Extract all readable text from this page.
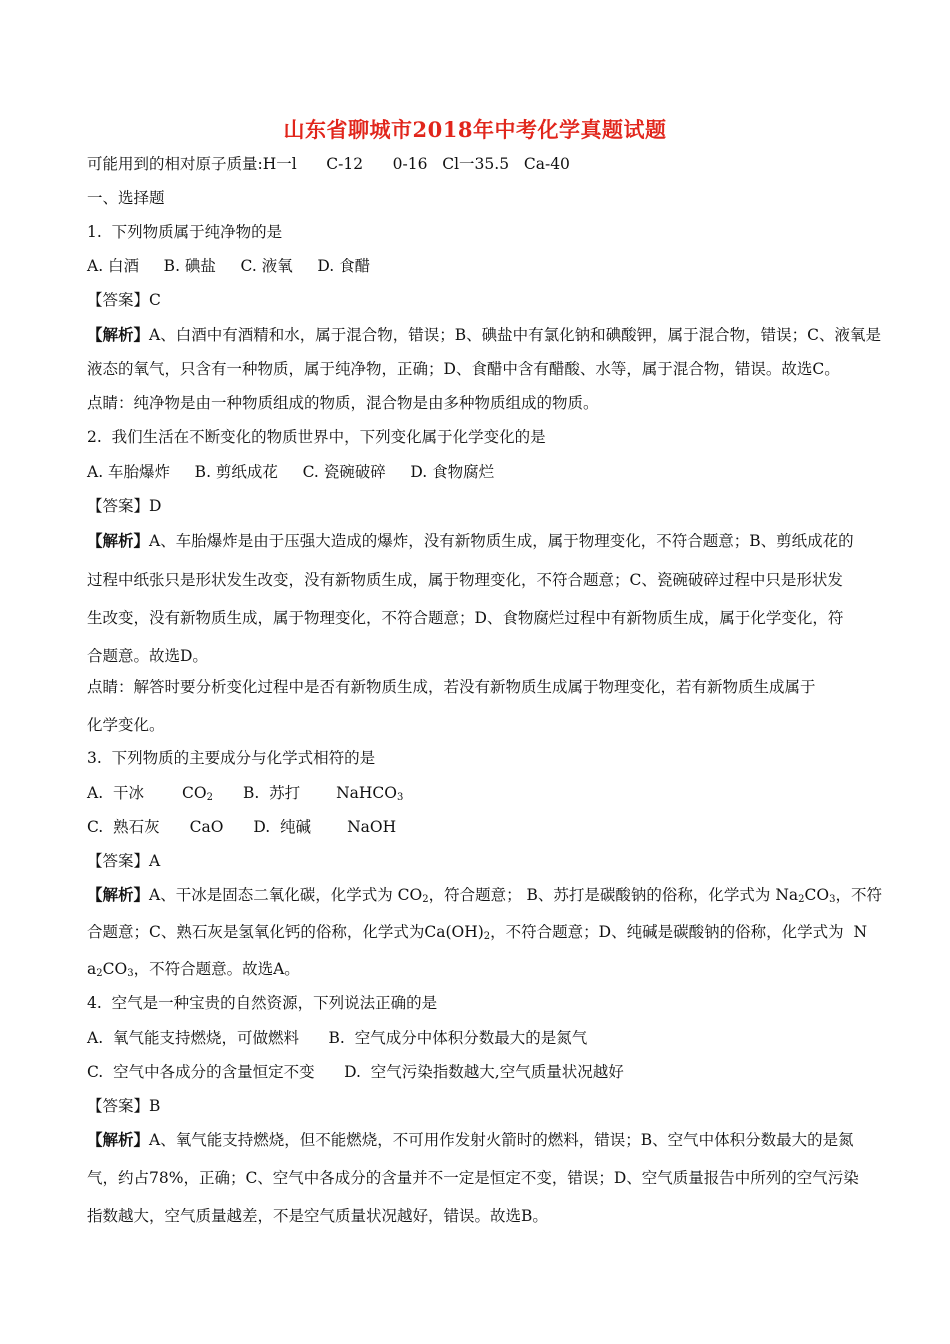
山东省聊城市2018年中考化学真题试题
可能用到的相对原子质量:H一l      C-12      0-16   Cl一35.5   Ca-40
一、选择题
1.  下列物质属于纯净物的是
A. 白酒     B. 碘盐     C. 液氧     D. 食醋
【答案】C
【解析】A、白酒中有酒精和水，属于混合物，错误；B、碘盐中有氯化钠和碘酸钾，属于混合物，错误；C、液氧是
液态的氧气，只含有一种物质，属于纯净物，正确；D、食醋中含有醋酸、水等，属于混合物，错误。故选C。
点睛：纯净物是由一种物质组成的物质，混合物是由多种物质组成的物质。
2.  我们生活在不断变化的物质世界中，下列变化属于化学变化的是
A. 车胎爆炸     B. 剪纸成花     C. 瓷碗破碎     D. 食物腐烂
【答案】D
【解析】A、车胎爆炸是由于压强大造成的爆炸，没有新物质生成，属于物理变化，不符合题意；B、剪纸成花的
过程中纸张只是形状发生改变，没有新物质生成，属于物理变化，不符合题意；C、瓷碗破碎过程中只是形状发
生改变，没有新物质生成，属于物理变化，不符合题意；D、食物腐烂过程中有新物质生成，属于化学变化，符
合题意。故选D。
点睛：解答时要分析变化过程中是否有新物质生成，若没有新物质生成属于物理变化，若有新物质生成属于
化学变化。
3.  下列物质的主要成分与化学式相符的是
A.  干冰 $CO_2$ B.  苏打 NaHCO$_3$
C.  熟石灰 CaO D.  纯碱 NaOH
【答案】A
【解析】A、干冰是固态二氧化碳，化学式为 $CO_2$，符合题意； B、苏打是碳酸钠的俗称，化学式为 $Na_2CO_3$，不符
合题意；C、熟石灰是氢氧化钙的俗称，化学式为$Ca(OH)_2$，不符合题意；D、纯碱是碳酸钠的俗称，化学式为  N
$a_2CO_3$，不符合题意。故选A。
4.  空气是一种宝贵的自然资源，下列说法正确的是
A.  氧气能支持燃烧，可做燃料      B.  空气成分中体积分数最大的是氮气
C.  空气中各成分的含量恒定不变      D.  空气污染指数越大,空气质量状况越好
【答案】B
【解析】A、氧气能支持燃烧，但不能燃烧，不可用作发射火箭时的燃料，错误；B、空气中体积分数最大的是氮
气，约占78%，正确；C、空气中各成分的含量并不一定是恒定不变，错误；D、空气质量报告中所列的空气污染
指数越大，空气质量越差，不是空气质量状况越好，错误。故选B。
